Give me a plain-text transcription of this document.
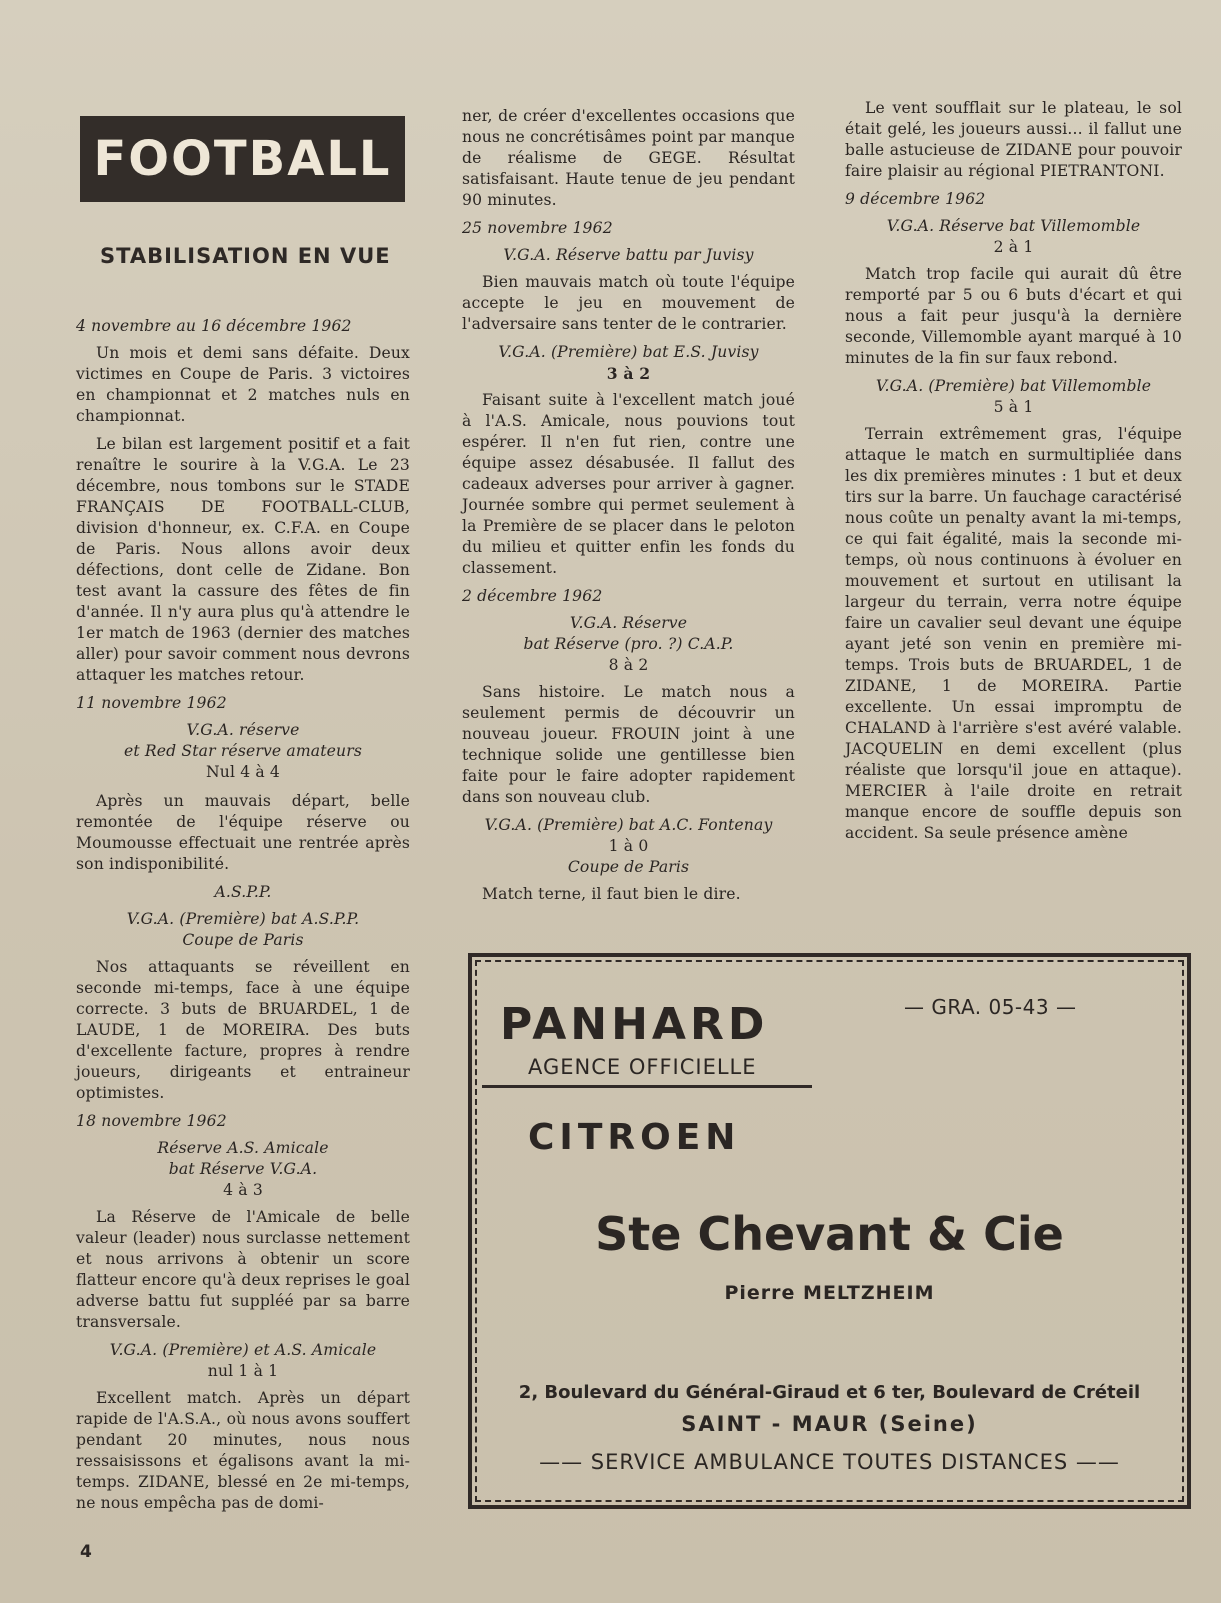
FOOTBALL
STABILISATION EN VUE
4 novembre au 16 décembre 1962

Un mois et demi sans défaite. Deux victimes en Coupe de Paris. 3 victoires en championnat et 2 matches nuls en championnat.

Le bilan est largement positif et a fait renaître le sourire à la V.G.A. Le 23 décembre, nous tombons sur le STADE FRANÇAIS DE FOOTBALL-CLUB, division d'honneur, ex. C.F.A. en Coupe de Paris. Nous allons avoir deux défections, dont celle de Zidane. Bon test avant la cassure des fêtes de fin d'année. Il n'y aura plus qu'à attendre le 1er match de 1963 (dernier des matches aller) pour savoir comment nous devrons attaquer les matches retour.

11 novembre 1962
V.G.A. réserve
et Red Star réserve amateurs
Nul 4 à 4

Après un mauvais départ, belle remontée de l'équipe réserve ou Moumousse effectuait une rentrée après son indisponibilité.

A.S.P.P.
V.G.A. (Première) bat A.S.P.P.
Coupe de Paris

Nos attaquants se réveillent en seconde mi-temps, face à une équipe correcte. 3 buts de BRUARDEL, 1 de LAUDE, 1 de MOREIRA. Des buts d'excellente facture, propres à rendre joueurs, dirigeants et entraineur optimistes.

18 novembre 1962
Réserve A.S. Amicale
bat Réserve V.G.A.
4 à 3

La Réserve de l'Amicale de belle valeur (leader) nous surclasse nettement et nous arrivons à obtenir un score flatteur encore qu'à deux reprises le goal adverse battu fut suppléé par sa barre transversale.

V.G.A. (Première) et A.S. Amicale
nul 1 à 1

Excellent match. Après un départ rapide de l'A.S.A., où nous avons souffert pendant 20 minutes, nous nous ressaisissons et égalisons avant la mi-temps. ZIDANE, blessé en 2e mi-temps, ne nous empêcha pas de domi-

ner, de créer d'excellentes occasions que nous ne concrétisâmes point par manque de réalisme de GEGE. Résultat satisfaisant. Haute tenue de jeu pendant 90 minutes.

25 novembre 1962
V.G.A. Réserve battu par Juvisy

Bien mauvais match où toute l'équipe accepte le jeu en mouvement de l'adversaire sans tenter de le contrarier.

V.G.A. (Première) bat E.S. Juvisy
3 à 2

Faisant suite à l'excellent match joué à l'A.S. Amicale, nous pouvions tout espérer. Il n'en fut rien, contre une équipe assez désabusée. Il fallut des cadeaux adverses pour arriver à gagner. Journée sombre qui permet seulement à la Première de se placer dans le peloton du milieu et quitter enfin les fonds du classement.

2 décembre 1962
V.G.A. Réserve
bat Réserve (pro. ?) C.A.P.
8 à 2

Sans histoire. Le match nous a seulement permis de découvrir un nouveau joueur. FROUIN joint à une technique solide une gentillesse bien faite pour le faire adopter rapidement dans son nouveau club.

V.G.A. (Première) bat A.C. Fontenay
1 à 0
Coupe de Paris

Match terne, il faut bien le dire.

Le vent soufflait sur le plateau, le sol était gelé, les joueurs aussi... il fallut une balle astucieuse de ZIDANE pour pouvoir faire plaisir au régional PIETRANTONI.

9 décembre 1962
V.G.A. Réserve bat Villemomble
2 à 1

Match trop facile qui aurait dû être remporté par 5 ou 6 buts d'écart et qui nous a fait peur jusqu'à la dernière seconde, Villemomble ayant marqué à 10 minutes de la fin sur faux rebond.

V.G.A. (Première) bat Villemomble
5 à 1

Terrain extrêmement gras, l'équipe attaque le match en surmultipliée dans les dix premières minutes : 1 but et deux tirs sur la barre. Un fauchage caractérisé nous coûte un penalty avant la mi-temps, ce qui fait égalité, mais la seconde mi-temps, où nous continuons à évoluer en mouvement et surtout en utilisant la largeur du terrain, verra notre équipe faire un cavalier seul devant une équipe ayant jeté son venin en première mi-temps. Trois buts de BRUARDEL, 1 de ZIDANE, 1 de MOREIRA. Partie excellente. Un essai impromptu de CHALAND à l'arrière s'est avéré valable. JACQUELIN en demi excellent (plus réaliste que lorsqu'il joue en attaque). MERCIER à l'aile droite en retrait manque encore de souffle depuis son accident. Sa seule présence amène

PANHARD
AGENCE OFFICIELLE
— GRA. 05-43 —
CITROEN
Ste Chevant & Cie
Pierre MELTZHEIM
2, Boulevard du Général-Giraud et 6 ter, Boulevard de Créteil
SAINT - MAUR (Seine)
—— SERVICE AMBULANCE TOUTES DISTANCES ——
4
